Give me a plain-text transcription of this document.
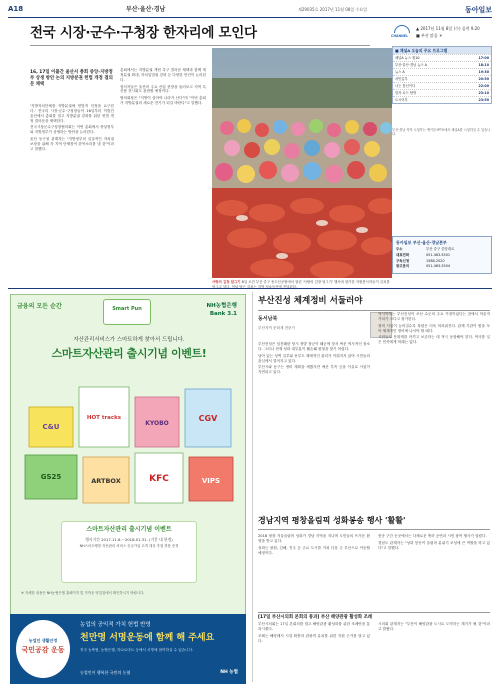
A18	부산·울산·경남	제29035호 2017년 11월 08일 수요일	동아일보
전국 시장·군수·구청장 한자리에 모인다	CHANNEL
▲ 2017년 11월 8일 (수) 음력 9.20
■ 부산 맑음 ☀
■ 채널A 오늘의 주요 프로그램
채널A 뉴스 톱10	17:00
부산·울산·경남 뉴스 A	18:10
뉴스 A	19:30
서민갑부	20:50
나는 몸신이다	22:00
밀착 로드 탐방	23:10
도시어부	23:50
부산·경남 지역 시청자는 케이블·IPTV에서 채널A를 시청하실 수 있습니다.
16, 17일 이틀간 울산서 총회 중앙-지방정부 상생 방안 논의 지방분권 헌법 개정 결의문 채택

'지방자치단체장 지방분권에 헌법적 인정을 요구한다.' 전국의 시장·군수·구청장들이 16일부터 이틀간 울산에서 총회를 열고 지방분권 강화를 위한 헌법 개정 결의문을 채택한다.

전국시장군수구청장협의회는 이번 총회에서 중앙정부와 지방정부가 상생하는 방안을 논의한다.

울산 동구청 관계자는 "지방정부의 실질적인 자치권 보장을 위해 각 지역 단체장이 한목소리를 낼 것"이라고 말했다.

총회에서는 지방분권 개헌 촉구 결의문 채택과 함께 재정분권 확대, 자치입법권 강화 등 다양한 안건이 논의된다.

참석자들은 울산의 주요 산업 현장을 둘러보고 지역 특산품 전시회도 관람할 예정이다.

협의회장은 "지방이 살아야 나라가 산다"며 "이번 총회가 지방분권의 새로운 전기가 되길 바란다"고 말했다.

사랑의 김장 담그기 8일 오전 부산 중구 용두산공원에서 열린 '사랑의 김장 담그기' 행사에 참가한 자원봉사자들이 김치를 담그고 있다. 이날 담근 김치는 지역 저소득층에 전달된다.
동아일보 부산·울산·경남본부
주소	부산 중구 중앙대로
대표전화	051-463-5501
구독신청	1588-2020
광고문의	051-463-5504
금융의 모든 순간	Smart Pun	NH농협은행
Bank 3.1
자산관리서비스가 스마트하게 찾아서 드립니다.
스마트자산관리 출시기념 이벤트!
C&U
GS25
HOT tracks
KYOBO
CGV
ARTBOX	KFC	VIPS
스마트자산관리 출시기념 이벤트
행사기간 2017.11.6.~2018.01.31. (기간 내 한정)
NH스마트뱅킹 자산관리 서비스 신규가입 고객 대상 추첨 경품 증정
※ 자세한 내용은 NH농협은행 홈페이지 및 가까운 영업점에서 확인하시기 바랍니다.
부산진성 체계정비 서둘러야
동서남북
부산지역 문화재 전문가

부산진성은 임진왜란 당시 정발 장군이 왜군에 맞서 싸운 역사적인 장소다. 그러나 현재 성곽 대부분이 훼손돼 원형을 찾기 어렵다.

남아 있는 성벽 일부와 문루도 체계적인 관리가 이뤄지지 않아 시민들의 관심에서 멀어지고 있다.

부산시와 동구는 정비 계획을 세웠지만 예산 부족 등을 이유로 사업이 지연되고 있다.

역사학계는 부산진성이 조선 수군의 주요 거점이었다는 점에서 학술적 가치가 크다고 평가한다.

정비 사업이 늦어질수록 복원은 더욱 어려워진다. 관계 기관이 힘을 모아 체계적인 정비에 나서야 할 때다.

시민들도 문화재를 아끼고 보존하는 데 적극 동참해야 한다. 역사를 잊은 민족에게 미래는 없다.

경남지역 평창올림픽 성화봉송 행사 '활활'

2018 평창 겨울올림픽 성화가 경남 지역을 지나며 도민들의 뜨거운 환영을 받고 있다.

성화는 창원, 김해, 진주 등 주요 도시를 거쳐 다음 주 부산으로 이동할 예정이다.

봉송 구간 곳곳에서는 다채로운 축하 공연과 시민 참여 행사가 열렸다.

경남도 관계자는 "성화 봉송이 올림픽 분위기 조성에 큰 역할을 하고 있다"고 말했다.

농업인 생활안정
국민공감 운동
농업의 공익적 가치 헌법 반영
천만명 서명운동에 함께 해 주세요
전국 농축협, 농협은행, 하나로마트 등에서 서명에 참여하실 수 있습니다.
농업인이 행복한 국민의 농협	NH 농협
[17일 부산시의회 본회의 통과] 부산 해양관광 활성화 조례

부산시의회는 17일 본회의를 열고 해양관광 활성화를 위한 조례안을 통과시켰다.

조례는 해양레저 시설 확충과 관광객 유치를 위한 지원 근거를 담고 있다.

시의회 관계자는 "부산이 해양관광 도시로 도약하는 계기가 될 것"이라고 밝혔다.
